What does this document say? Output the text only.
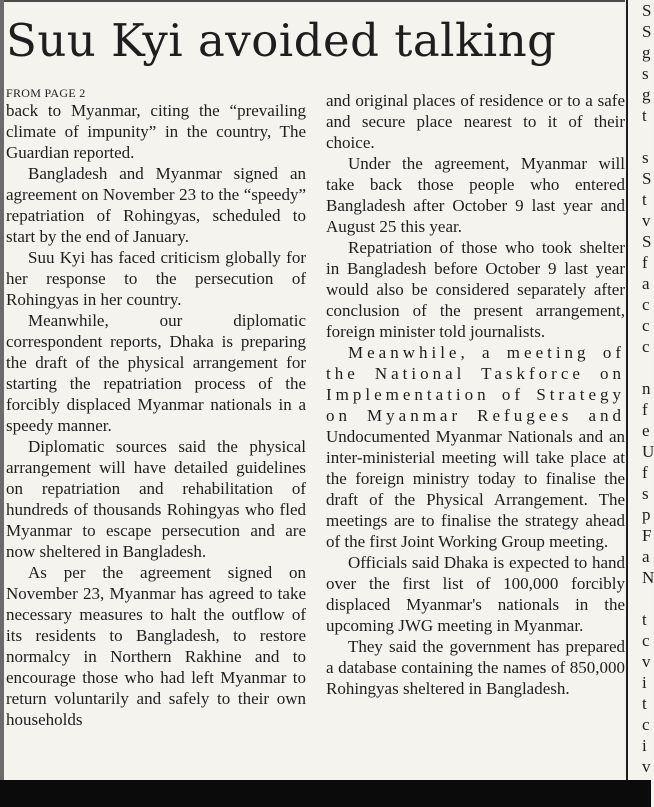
Suu Kyi avoided talking
FROM PAGE 2

back to Myanmar, citing the “prevailing climate of impunity” in the country, The Guardian reported.

Bangladesh and Myanmar signed an agreement on November 23 to the “speedy” repatriation of Rohingyas, scheduled to start by the end of January.

Suu Kyi has faced criticism globally for her response to the persecution of Rohingyas in her country.

Meanwhile, our diplomatic correspondent reports, Dhaka is preparing the draft of the physical arrangement for starting the repatriation process of the forcibly displaced Myanmar nationals in a speedy manner.

Diplomatic sources said the physical arrangement will have detailed guidelines on repatriation and rehabilitation of hundreds of thousands Rohingyas who fled Myanmar to escape persecution and are now sheltered in Bangladesh.

As per the agreement signed on November 23, Myanmar has agreed to take necessary measures to halt the outflow of its residents to Bangladesh, to restore normalcy in Northern Rakhine and to encourage those who had left Myanmar to return voluntarily and safely to their own households

and original places of residence or to a safe and secure place nearest to it of their choice.

Under the agreement, Myanmar will take back those people who entered Bangladesh after October 9 last year and August 25 this year.

Repatriation of those who took shelter in Bangladesh before October 9 last year would also be considered separately after conclusion of the present arrangement, foreign minister told journalists.

Meanwhile, a meeting of the National Taskforce on Implementation of Strategy on Myanmar Refugees and Undocumented Myanmar Nationals and an inter-ministerial meeting will take place at the foreign ministry today to finalise the draft of the Physical Arrangement. The meetings are to finalise the strategy ahead of the first Joint Working Group meeting.

Officials said Dhaka is expected to hand over the first list of 100,000 forcibly displaced Myanmar's nationals in the upcoming JWG meeting in Myanmar.

They said the government has prepared a database containing the names of 850,000 Rohingyas sheltered in Bangladesh.

S
S
g
s
g
t
s
S
t
v
S
f
a
c
c
c
n
f
e
U
f
s
p
F
a
N
t
c
v
i
t
c
i
v
